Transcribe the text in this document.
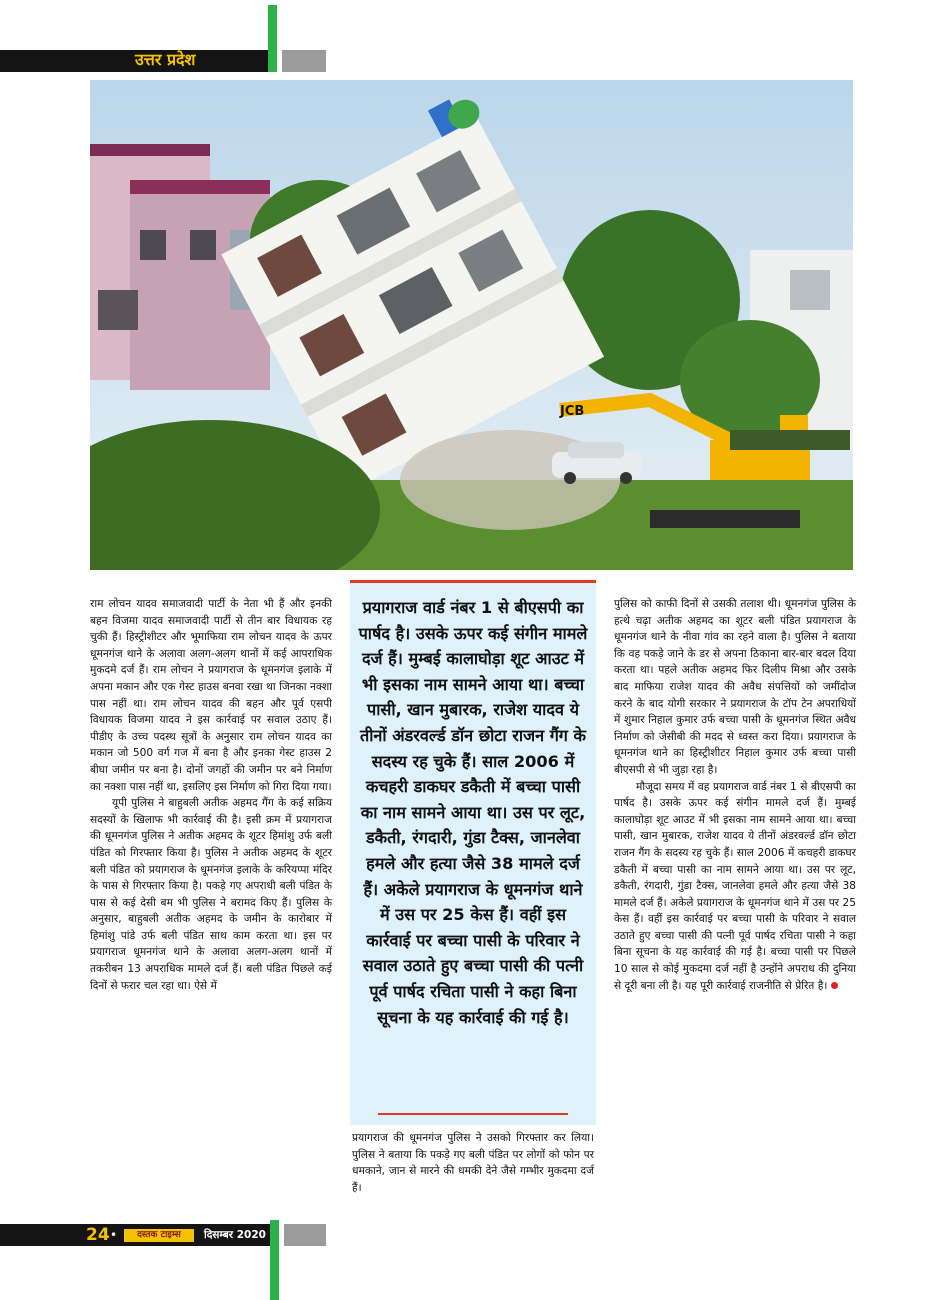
उत्तर प्रदेश
JCB

राम लोचन यादव समाजवादी पार्टी के नेता भी हैं और इनकी बहन विजमा यादव समाजवादी पार्टी से तीन बार विधायक रह चुकी हैं। हिस्ट्रीशीटर और भूमाफिया राम लोचन यादव के ऊपर धूमनगंज थाने के अलावा अलग-अलग थानों में कई आपराधिक मुकदमे दर्ज हैं। राम लोचन ने प्रयागराज के धूमनगंज इलाके में अपना मकान और एक गेस्ट हाउस बनवा रखा था जिनका नक्शा पास नहीं था। राम लोचन यादव की बहन और पूर्व एसपी विधायक विजमा यादव ने इस कार्रवाई पर सवाल उठाए हैं। पीडीए के उच्च पदस्थ सूत्रों के अनुसार राम लोचन यादव का मकान जो 500 वर्ग गज में बना है और इनका गेस्ट हाउस 2 बीघा जमीन पर बना है। दोनों जगहों की जमीन पर बने निर्माण का नक्शा पास नहीं था, इसलिए इस निर्माण को गिरा दिया गया।

यूपी पुलिस ने बाहुबली अतीक अहमद गैंग के कई सक्रिय सदस्यों के खिलाफ भी कार्रवाई की है। इसी क्रम में प्रयागराज की धूमनगंज पुलिस ने अतीक अहमद के शूटर हिमांशु उर्फ बली पंडित को गिरफ्तार किया है। पुलिस ने अतीक अहमद के शूटर बली पंडित को प्रयागराज के धूमनगंज इलाके के करियप्पा मंदिर के पास से गिरफ्तार किया है। पकड़े गए अपराधी बली पंडित के पास से कई देसी बम भी पुलिस ने बरामद किए हैं। पुलिस के अनुसार, बाहुबली अतीक अहमद के जमीन के कारोबार में हिमांशु पांडे उर्फ बली पंडित साथ काम करता था। इस पर प्रयागराज धूमनगंज थाने के अलावा अलग-अलग थानों में तकरीबन 13 अपराधिक मामले दर्ज हैं। बली पंडित पिछले कई दिनों से फरार चल रहा था। ऐसे में

प्रयागराज वार्ड नंबर 1 से बीएसपी का पार्षद है। उसके ऊपर कई संगीन मामले दर्ज हैं। मुम्बई कालाघोड़ा शूट आउट में भी इसका नाम सामने आया था। बच्चा पासी, खान मुबारक, राजेश यादव ये तीनों अंडरवर्ल्ड डॉन छोटा राजन गैंग के सदस्य रह चुके हैं। साल 2006 में कचहरी डाकघर डकैती में बच्चा पासी का नाम सामने आया था। उस पर लूट, डकैती, रंगदारी, गुंडा टैक्स, जानलेवा हमले और हत्या जैसे 38 मामले दर्ज हैं। अकेले प्रयागराज के धूमनगंज थाने में उस पर 25 केस हैं। वहीं इस कार्रवाई पर बच्चा पासी के परिवार ने सवाल उठाते हुए बच्चा पासी की पत्नी पूर्व पार्षद रचिता पासी ने कहा बिना सूचना के यह कार्रवाई की गई है।

प्रयागराज की धूमनगंज पुलिस ने उसको गिरफ्तार कर लिया। पुलिस ने बताया कि पकड़े गए बली पंडित पर लोगों को फोन पर धमकाने, जान से मारने की धमकी देने जैसे गम्भीर मुकदमा दर्ज हैं।

पुलिस को काफी दिनों से उसकी तलाश थी। धूमनगंज पुलिस के हत्थे चढ़ा अतीक अहमद का शूटर बली पंडित प्रयागराज के धूमनगंज थाने के नीवा गांव का रहने वाला है। पुलिस ने बताया कि वह पकड़े जाने के डर से अपना ठिकाना बार-बार बदल दिया करता था। पहले अतीक अहमद फिर दिलीप मिश्रा और उसके बाद माफिया राजेश यादव की अवैध संपत्तियों को जमींदोज करने के बाद योगी सरकार ने प्रयागराज के टॉप टेन अपराधियों में शुमार निहाल कुमार उर्फ बच्चा पासी के धूमनगंज स्थित अवैध निर्माण को जेसीबी की मदद से ध्वस्त करा दिया। प्रयागराज के धूमनगंज थाने का हिस्ट्रीशीटर निहाल कुमार उर्फ बच्चा पासी बीएसपी से भी जुड़ा रहा है।

मौजूदा समय में वह प्रयागराज वार्ड नंबर 1 से बीएसपी का पार्षद है। उसके ऊपर कई संगीन मामले दर्ज हैं। मुम्बई कालाघोड़ा शूट आउट में भी इसका नाम सामने आया था। बच्चा पासी, खान मुबारक, राजेश यादव ये तीनों अंडरवर्ल्ड डॉन छोटा राजन गैंग के सदस्य रह चुके हैं। साल 2006 में कचहरी डाकघर डकैती में बच्चा पासी का नाम सामने आया था। उस पर लूट, डकैती, रंगदारी, गुंडा टैक्स, जानलेवा हमले और हत्या जैसे 38 मामले दर्ज हैं। अकेले प्रयागराज के धूमनगंज थाने में उस पर 25 केस हैं। वहीं इस कार्रवाई पर बच्चा पासी के परिवार ने सवाल उठाते हुए बच्चा पासी की पत्नी पूर्व पार्षद रचिता पासी ने कहा बिना सूचना के यह कार्रवाई की गई है। बच्चा पासी पर पिछले 10 साल से कोई मुकदमा दर्ज नहीं है उन्होंने अपराध की दुनिया से दूरी बना ली है। यह पूरी कार्रवाई राजनीति से प्रेरित है।

24 •	दस्तक टाइम्स	दिसम्बर 2020
